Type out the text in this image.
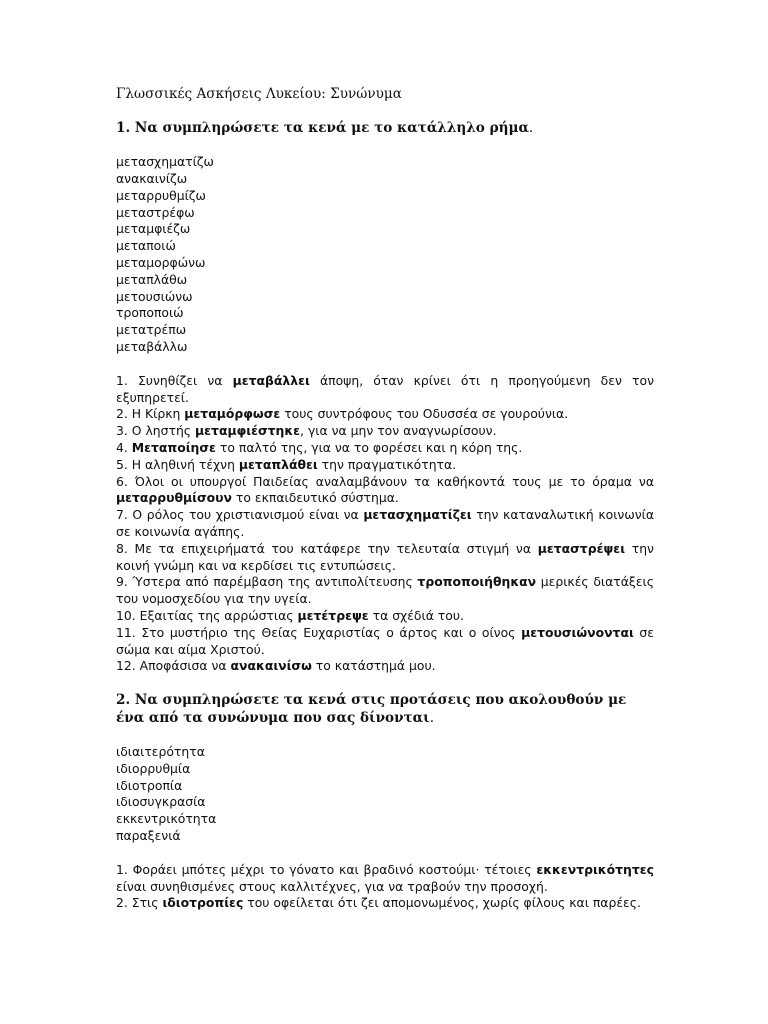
Γλωσσικές Ασκήσεις Λυκείου: Συνώνυμα
1. Να συμπληρώσετε τα κενά με το κατάλληλο ρήμα.
μετασχηματίζω
ανακαινίζω
μεταρρυθμίζω
μεταστρέφω
μεταμφιέζω
μεταποιώ
μεταμορφώνω
μεταπλάθω
μετουσιώνω
τροποποιώ
μετατρέπω
μεταβάλλω

1. Συνηθίζει να μεταβάλλει άποψη, όταν κρίνει ότι η προηγούμενη δεν τον εξυπηρετεί.

2. Η Κίρκη μεταμόρφωσε τους συντρόφους του Οδυσσέα σε γουρούνια.

3. Ο ληστής μεταμφιέστηκε, για να μην τον αναγνωρίσουν.

4. Μεταποίησε το παλτό της, για να το φορέσει και η κόρη της.

5. Η αληθινή τέχνη μεταπλάθει την πραγματικότητα.

6. Όλοι οι υπουργοί Παιδείας αναλαμβάνουν τα καθήκοντά τους με το όραμα να μεταρρυθμίσουν το εκπαιδευτικό σύστημα.

7. Ο ρόλος του χριστιανισμού είναι να μετασχηματίζει την καταναλωτική κοινωνία σε κοινωνία αγάπης.

8. Με τα επιχειρήματά του κατάφερε την τελευταία στιγμή να μεταστρέψει την κοινή γνώμη και να κερδίσει τις εντυπώσεις.

9. Ύστερα από παρέμβαση της αντιπολίτευσης τροποποιήθηκαν μερικές διατάξεις του νομοσχεδίου για την υγεία.

10. Εξαιτίας της αρρώστιας μετέτρεψε τα σχέδιά του.

11. Στο μυστήριο της Θείας Ευχαριστίας ο άρτος και ο οίνος μετουσιώνονται σε σώμα και αίμα Χριστού.

12. Αποφάσισα να ανακαινίσω το κατάστημά μου.

2. Να συμπληρώσετε τα κενά στις προτάσεις που ακολουθούν με ένα από τα συνώνυμα που σας δίνονται.
ιδιαιτερότητα
ιδιορρυθμία
ιδιοτροπία
ιδιοσυγκρασία
εκκεντρικότητα
παραξενιά

1. Φοράει μπότες μέχρι το γόνατο και βραδινό κοστούμι· τέτοιες εκκεντρικότητες είναι συνηθισμένες στους καλλιτέχνες, για να τραβούν την προσοχή.

2. Στις ιδιοτροπίες του οφείλεται ότι ζει απομονωμένος, χωρίς φίλους και παρέες.
